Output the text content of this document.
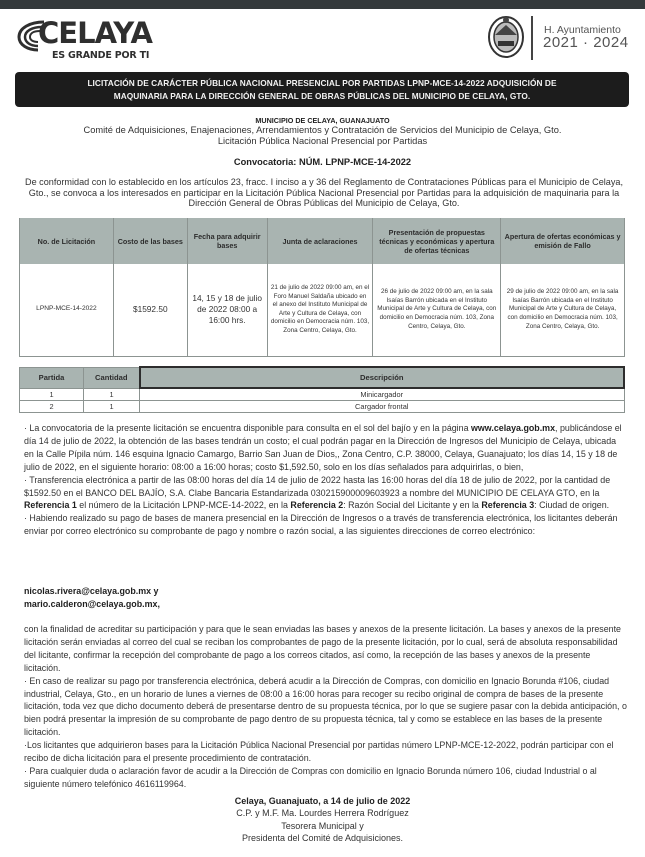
CELAYA
ES GRANDE POR TI
H. Ayuntamiento
2021 · 2024
LICITACIÓN DE CARÁCTER PÚBLICA NACIONAL PRESENCIAL POR PARTIDAS LPNP-MCE-14-2022 ADQUISICIÓN DE
MAQUINARIA PARA LA DIRECCIÓN GENERAL DE OBRAS PÚBLICAS DEL MUNICIPIO DE CELAYA, GTO.
MUNICIPIO DE CELAYA, GUANAJUATO
Comité de Adquisiciones, Enajenaciones, Arrendamientos y Contratación de Servicios del Municipio de Celaya, Gto.
Licitación Pública Nacional Presencial por Partidas
Convocatoria: NÚM. LPNP-MCE-14-2022
De conformidad con lo establecido en los artículos 23, fracc. I inciso a y 36 del Reglamento de Contrataciones Públicas para el Municipio de Celaya, Gto., se convoca a los interesados en participar en la Licitación Pública Nacional Presencial por Partidas para la adquisición de maquinaria para la Dirección General de Obras Públicas del Municipio de Celaya, Gto.
No. de Licitación	Costo de las bases	Fecha para adquirir bases	Junta de aclaraciones	Presentación de propuestas técnicas y económicas y apertura de ofertas técnicas	Apertura de ofertas económicas y emisión de Fallo
LPNP-MCE-14-2022	$1592.50	14, 15 y 18 de julio de 2022 08:00 a 16:00 hrs.	21 de julio de 2022 09:00 am, en el Foro Manuel Saldaña ubicado en el anexo del Instituto Municipal de Arte y Cultura de Celaya, con domicilio en Democracia núm. 103, Zona Centro, Celaya, Gto.	26 de julio de 2022 09:00 am, en la sala Isaías Barrón ubicada en el Instituto Municipal de Arte y Cultura de Celaya, con domicilio en Democracia núm. 103, Zona Centro, Celaya, Gto.	29 de julio de 2022 09:00 am, en la sala Isaías Barrón ubicada en el Instituto Municipal de Arte y Cultura de Celaya, con domicilio en Democracia núm. 103, Zona Centro, Celaya, Gto.
Partida	Cantidad	Descripción
1	1	Minicargador
2	1	Cargador frontal
· La convocatoria de la presente licitación se encuentra disponible para consulta en el sol del bajío y en la página www.celaya.gob.mx, publicándose el día 14 de julio de 2022, la obtención de las bases tendrán un costo; el cual podrán pagar en la Dirección de Ingresos del Municipio de Celaya, ubicada en la Calle Pípila núm. 146 esquina Ignacio Camargo, Barrio San Juan de Dios,, Zona Centro, C.P. 38000, Celaya, Guanajuato; los días 14, 15 y 18 de julio de 2022, en el siguiente horario: 08:00 a 16:00 horas; costo $1,592.50, solo en los días señalados para adquirirlas, o bien,
· Transferencia electrónica a partir de las 08:00 horas del día 14 de julio de 2022 hasta las 16:00 horas del día 18 de julio de 2022, por la cantidad de $1592.50 en el BANCO DEL BAJÍO, S.A. Clabe Bancaria Estandarizada 030215900009603923 a nombre del MUNICIPIO DE CELAYA GTO, en la Referencia 1 el número de la Licitación LPNP-MCE-14-2022, en la Referencia 2: Razón Social del Licitante y en la Referencia 3: Ciudad de origen.
· Habiendo realizado su pago de bases de manera presencial en la Dirección de Ingresos o a través de transferencia electrónica, los licitantes deberán enviar por correo electrónico su comprobante de pago y nombre o razón social, a las siguientes direcciones de correo electrónico:
nicolas.rivera@celaya.gob.mx y
mario.calderon@celaya.gob.mx,
con la finalidad de acreditar su participación y para que le sean enviadas las bases y anexos de la presente licitación. La bases y anexos de la presente licitación serán enviadas al correo del cual se reciban los comprobantes de pago de la presente licitación, por lo cual, será de absoluta responsabilidad del licitante, confirmar la recepción del comprobante de pago a los correos citados, así como, la recepción de las bases y anexos de la presente licitación.
· En caso de realizar su pago por transferencia electrónica, deberá acudir a la Dirección de Compras, con domicilio en Ignacio Borunda #106, ciudad industrial, Celaya, Gto., en un horario de lunes a viernes de 08:00 a 16:00 horas para recoger su recibo original de compra de bases de la presente licitación, toda vez que dicho documento deberá de presentarse dentro de su propuesta técnica, por lo que se sugiere pasar con la debida anticipación, o bien podrá presentar la impresión de su comprobante de pago dentro de su propuesta técnica, tal y como se establece en las bases de la presente licitación.
·Los licitantes que adquirieron bases para la Licitación Pública Nacional Presencial por partidas número LPNP-MCE-12-2022, podrán participar con el recibo de dicha licitación para el presente procedimiento de contratación.
· Para cualquier duda o aclaración favor de acudir a la Dirección de Compras con domicilio en Ignacio Borunda número 106, ciudad Industrial o al siguiente número telefónico 4616119964.
Celaya, Guanajuato, a 14 de julio de 2022
C.P. y M.F. Ma. Lourdes Herrera Rodríguez
Tesorera Municipal y
Presidenta del Comité de Adquisiciones.
